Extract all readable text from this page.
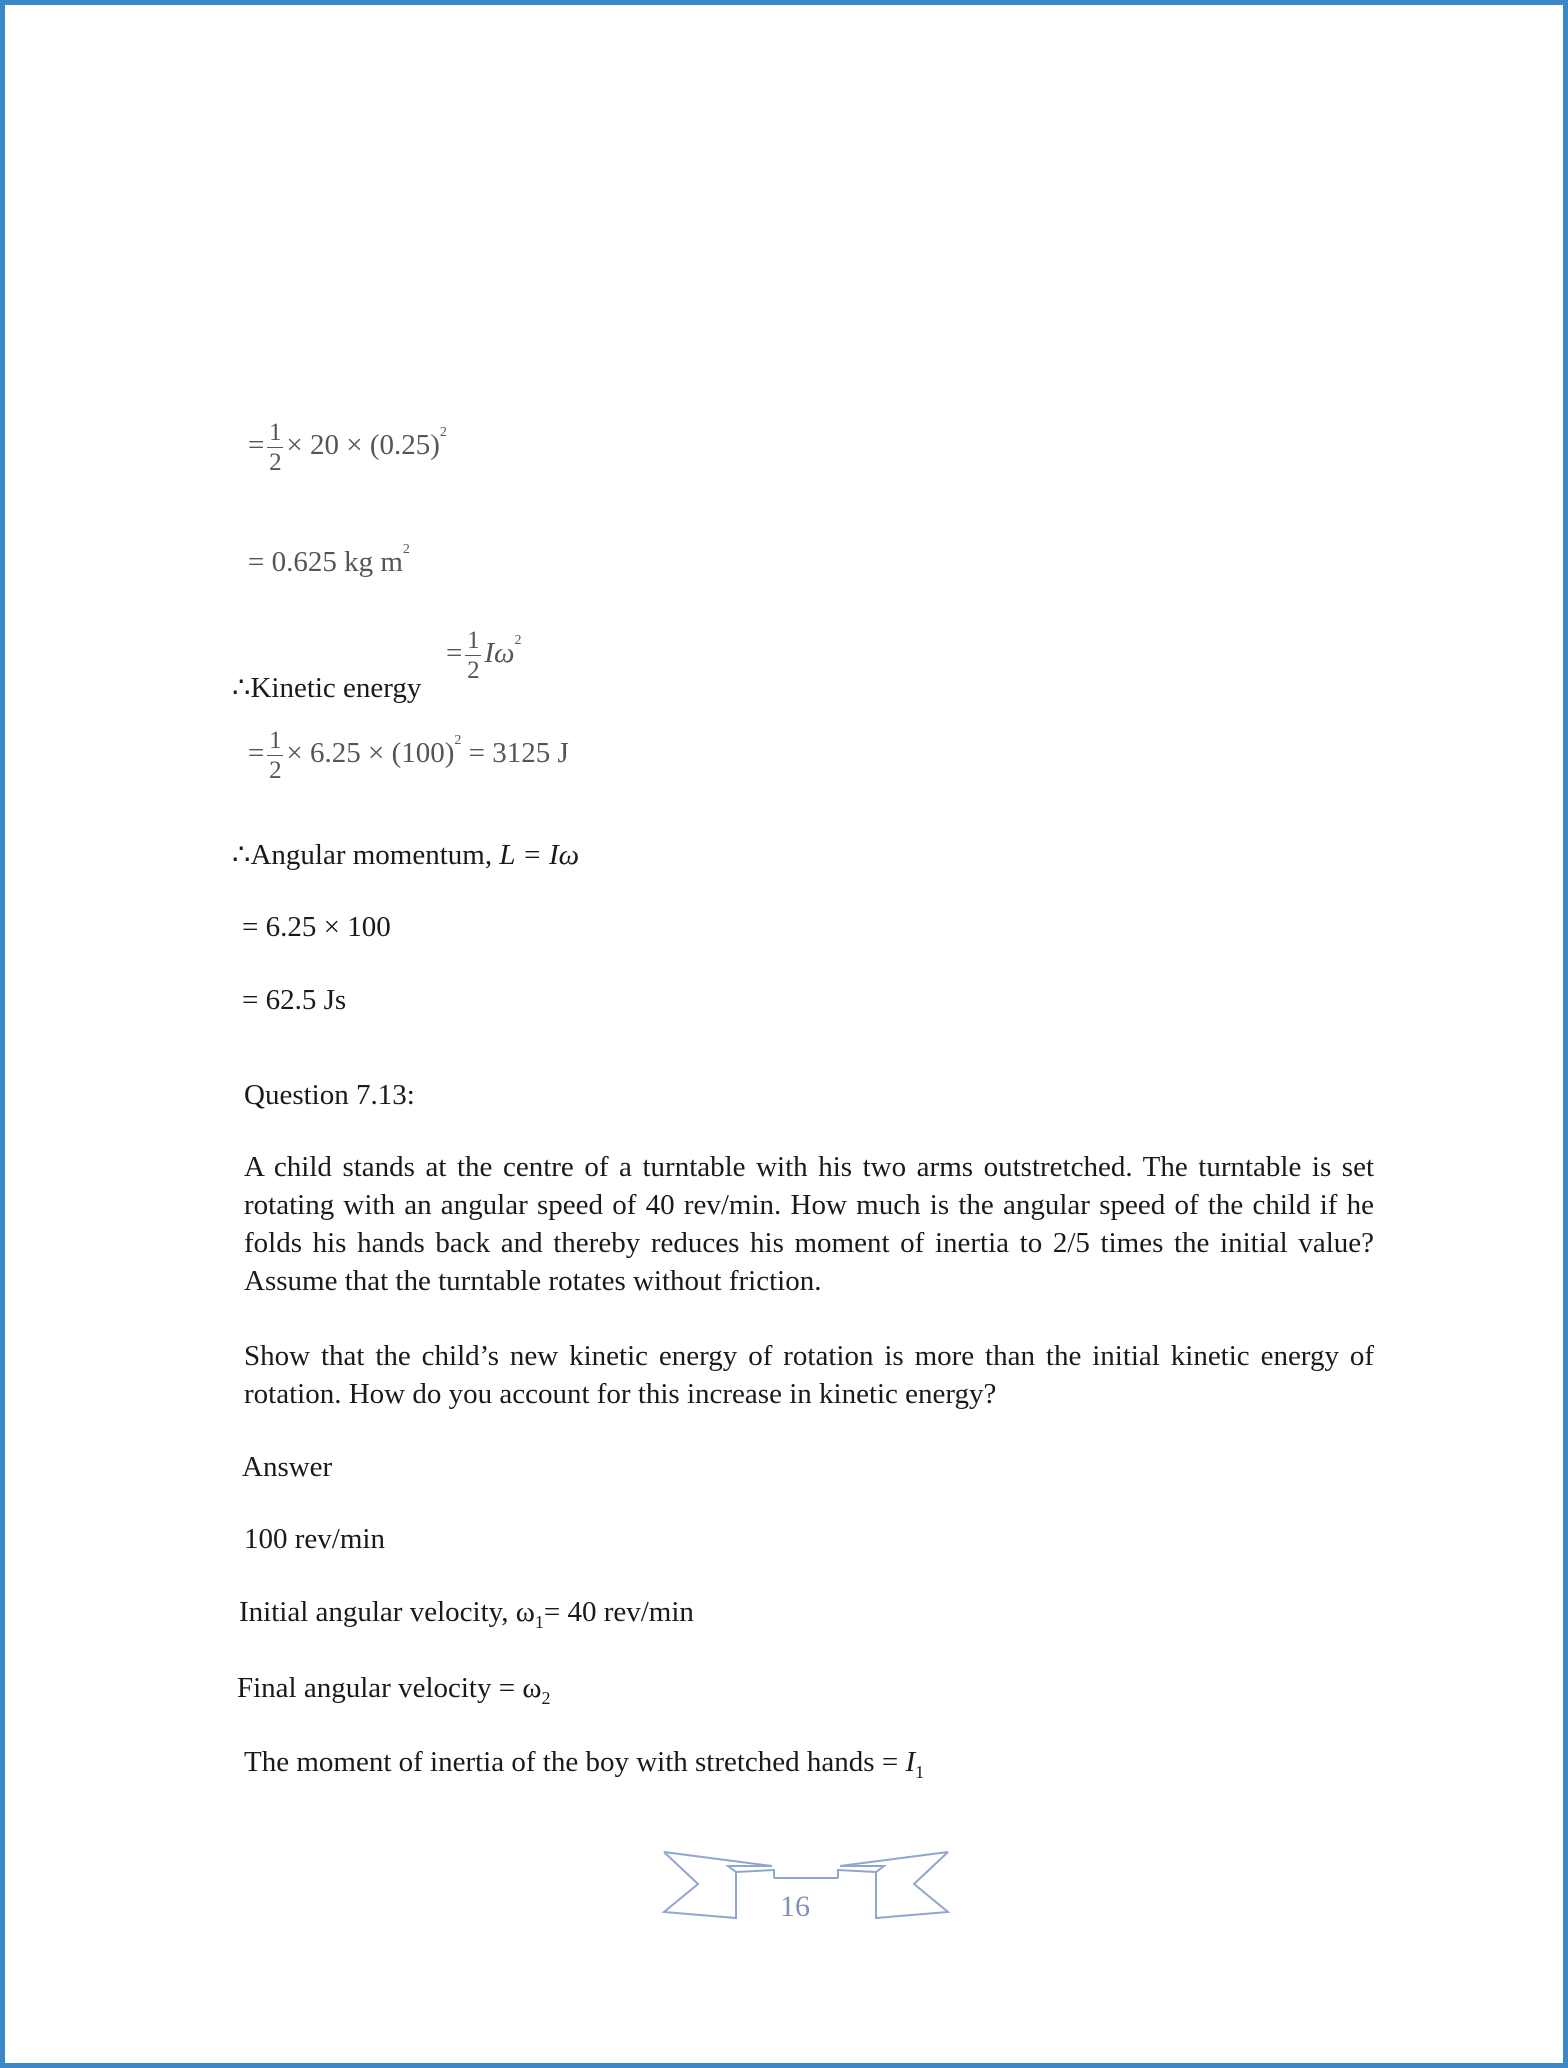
= $\frac{1}{2} \times 20 \times (0.25)^2$
= 0.625 kg $m^2$
= $\frac{1}{2} I\omega^2$
∴Kinetic energy
= $\frac{1}{2} \times 6.25 \times (100)^2 = 3125$ J
∴Angular momentum, L = Iω
= 6.25 × 100
= 62.5 Js
Question 7.13:
A child stands at the centre of a turntable with his two arms outstretched. The turntable is set rotating with an angular speed of 40 rev/min. How much is the angular speed of the child if he folds his hands back and thereby reduces his moment of inertia to 2/5 times the initial value? Assume that the turntable rotates without friction.
Show that the child’s new kinetic energy of rotation is more than the initial kinetic energy of rotation. How do you account for this increase in kinetic energy?
Answer
100 rev/min
Initial angular velocity, $\omega_1= 40$ rev/min
Final angular velocity = $\omega_2$
The moment of inertia of the boy with stretched hands = $I_1$
16
